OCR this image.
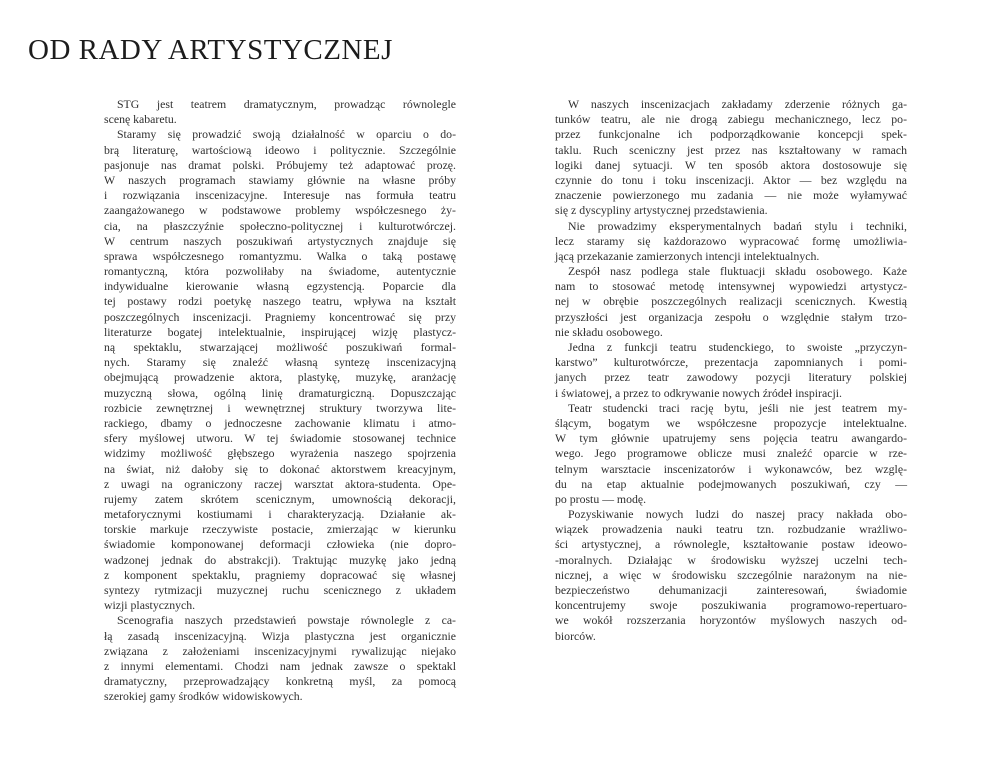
OD RADY ARTYSTYCZNEJ
STG jest teatrem dramatycznym, prowadząc równolegle
scenę kabaretu.
Staramy się prowadzić swoją działalność w oparciu o do-
brą literaturę, wartościową ideowo i politycznie. Szczególnie
pasjonuje nas dramat polski. Próbujemy też adaptować prozę.
W naszych programach stawiamy głównie na własne próby
i rozwiązania inscenizacyjne. Interesuje nas formuła teatru
zaangażowanego w podstawowe problemy współczesnego ży-
cia, na płaszczyźnie społeczno-politycznej i kulturotwórczej.
W centrum naszych poszukiwań artystycznych znajduje się
sprawa współczesnego romantyzmu. Walka o taką postawę
romantyczną, która pozwoliłaby na świadome, autentycznie
indywidualne kierowanie własną egzystencją. Poparcie dla
tej postawy rodzi poetykę naszego teatru, wpływa na kształt
poszczególnych inscenizacji. Pragniemy koncentrować się przy
literaturze bogatej intelektualnie, inspirującej wizję plastycz-
ną spektaklu, stwarzającej możliwość poszukiwań formal-
nych. Staramy się znaleźć własną syntezę inscenizacyjną
obejmującą prowadzenie aktora, plastykę, muzykę, aranżację
muzyczną słowa, ogólną linię dramaturgiczną. Dopuszczając
rozbicie zewnętrznej i wewnętrznej struktury tworzywa lite-
rackiego, dbamy o jednoczesne zachowanie klimatu i atmo-
sfery myślowej utworu. W tej świadomie stosowanej technice
widzimy możliwość głębszego wyrażenia naszego spojrzenia
na świat, niż dałoby się to dokonać aktorstwem kreacyjnym,
z uwagi na ograniczony raczej warsztat aktora-studenta. Ope-
rujemy zatem skrótem scenicznym, umownością dekoracji,
metaforycznymi kostiumami i charakteryzacją. Działanie ak-
torskie markuje rzeczywiste postacie, zmierzając w kierunku
świadomie komponowanej deformacji człowieka (nie dopro-
wadzonej jednak do abstrakcji). Traktując muzykę jako jedną
z komponent spektaklu, pragniemy dopracować się własnej
syntezy rytmizacji muzycznej ruchu scenicznego z układem
wizji plastycznych.
Scenografia naszych przedstawień powstaje równolegle z ca-
łą zasadą inscenizacyjną. Wizja plastyczna jest organicznie
związana z założeniami inscenizacyjnymi rywalizując niejako
z innymi elementami. Chodzi nam jednak zawsze o spektakl
dramatyczny, przeprowadzający konkretną myśl, za pomocą
szerokiej gamy środków widowiskowych.
W naszych inscenizacjach zakładamy zderzenie różnych ga-
tunków teatru, ale nie drogą zabiegu mechanicznego, lecz po-
przez funkcjonalne ich podporządkowanie koncepcji spek-
taklu. Ruch sceniczny jest przez nas kształtowany w ramach
logiki danej sytuacji. W ten sposób aktora dostosowuje się
czynnie do tonu i toku inscenizacji. Aktor — bez względu na
znaczenie powierzonego mu zadania — nie może wyłamywać
się z dyscypliny artystycznej przedstawienia.
Nie prowadzimy eksperymentalnych badań stylu i techniki,
lecz staramy się każdorazowo wypracować formę umożliwia-
jącą przekazanie zamierzonych intencji intelektualnych.
Zespół nasz podlega stale fluktuacji składu osobowego. Każe
nam to stosować metodę intensywnej wypowiedzi artystycz-
nej w obrębie poszczególnych realizacji scenicznych. Kwestią
przyszłości jest organizacja zespołu o względnie stałym trzo-
nie składu osobowego.
Jedna z funkcji teatru studenckiego, to swoiste „przyczyn-
karstwo” kulturotwórcze, prezentacja zapomnianych i pomi-
janych przez teatr zawodowy pozycji literatury polskiej
i światowej, a przez to odkrywanie nowych źródeł inspiracji.
Teatr studencki traci rację bytu, jeśli nie jest teatrem my-
ślącym, bogatym we współczesne propozycje intelektualne.
W tym głównie upatrujemy sens pojęcia teatru awangardo-
wego. Jego programowe oblicze musi znaleźć oparcie w rze-
telnym warsztacie inscenizatorów i wykonawców, bez wzglę-
du na etap aktualnie podejmowanych poszukiwań, czy —
po prostu — modę.
Pozyskiwanie nowych ludzi do naszej pracy nakłada obo-
wiązek prowadzenia nauki teatru tzn. rozbudzanie wrażliwo-
ści artystycznej, a równolegle, kształtowanie postaw ideowo-
-moralnych. Działając w środowisku wyższej uczelni tech-
nicznej, a więc w środowisku szczególnie narażonym na nie-
bezpieczeństwo dehumanizacji zainteresowań, świadomie
koncentrujemy swoje poszukiwania programowo-repertuaro-
we wokół rozszerzania horyzontów myślowych naszych od-
biorców.
